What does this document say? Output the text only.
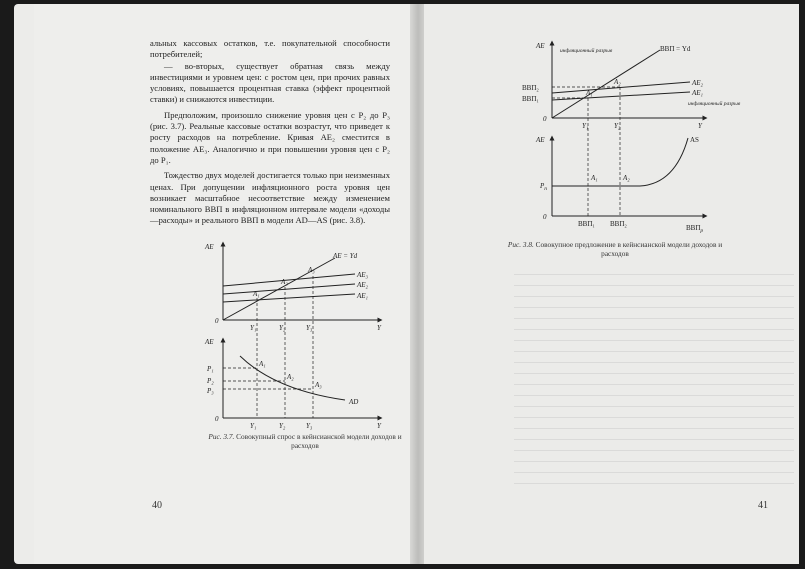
альных кассовых остатков, т.е. покупательной способности потребителей;

— во-вторых, существует обратная связь между инвестициями и уровнем цен: с ростом цен, при прочих равных условиях, повышается процентная ставка (эффект процентной ставки) и снижаются инвестиции.

Предположим, произошло снижение уровня цен с P₂ до P₃ (рис. 3.7). Реальные кассовые остатки возрастут, что приведет к росту расходов на потребление. Кривая AE₂ сместится в положение AE₃. Аналогично и при повышении уровня цен с P₂ до P₁.

Тождество двух моделей достигается только при неизменных ценах. При допущении инфляционного роста уровня цен возникает масштабное несоответствие между изменением номинального ВВП в инфляционном интервале модели «доходы—расходы» и реального ВВП в модели AD—AS (рис. 3.8).

AE
0
Y
AE = Yd
AE₃
AE₂
AE₁
A₁
A₂
A₃
Y₁	Y₂	Y₃
AE
0
Y
AD
P₁
P₂
P₃
A₁
A₂
A₃
Y₁	Y₂	Y₃
Рис. 3.7. Совокупный спрос в кейнсианской модели доходов и расходов
40
AE
0
Y
инфляционный разрыв	ВВП = Yd
AE₂
AE₁
инфляционный разрыв
ВВП₂
ВВП₁
A₁
A₂
Y₁	Y₂
AE
0
$P_n$
AS
A₁	A₂
ВВП₁ ВВП₂	$ВВП_p$
Рис. 3.8. Совокупное предложение в кейнсианской модели доходов и расходов
41
